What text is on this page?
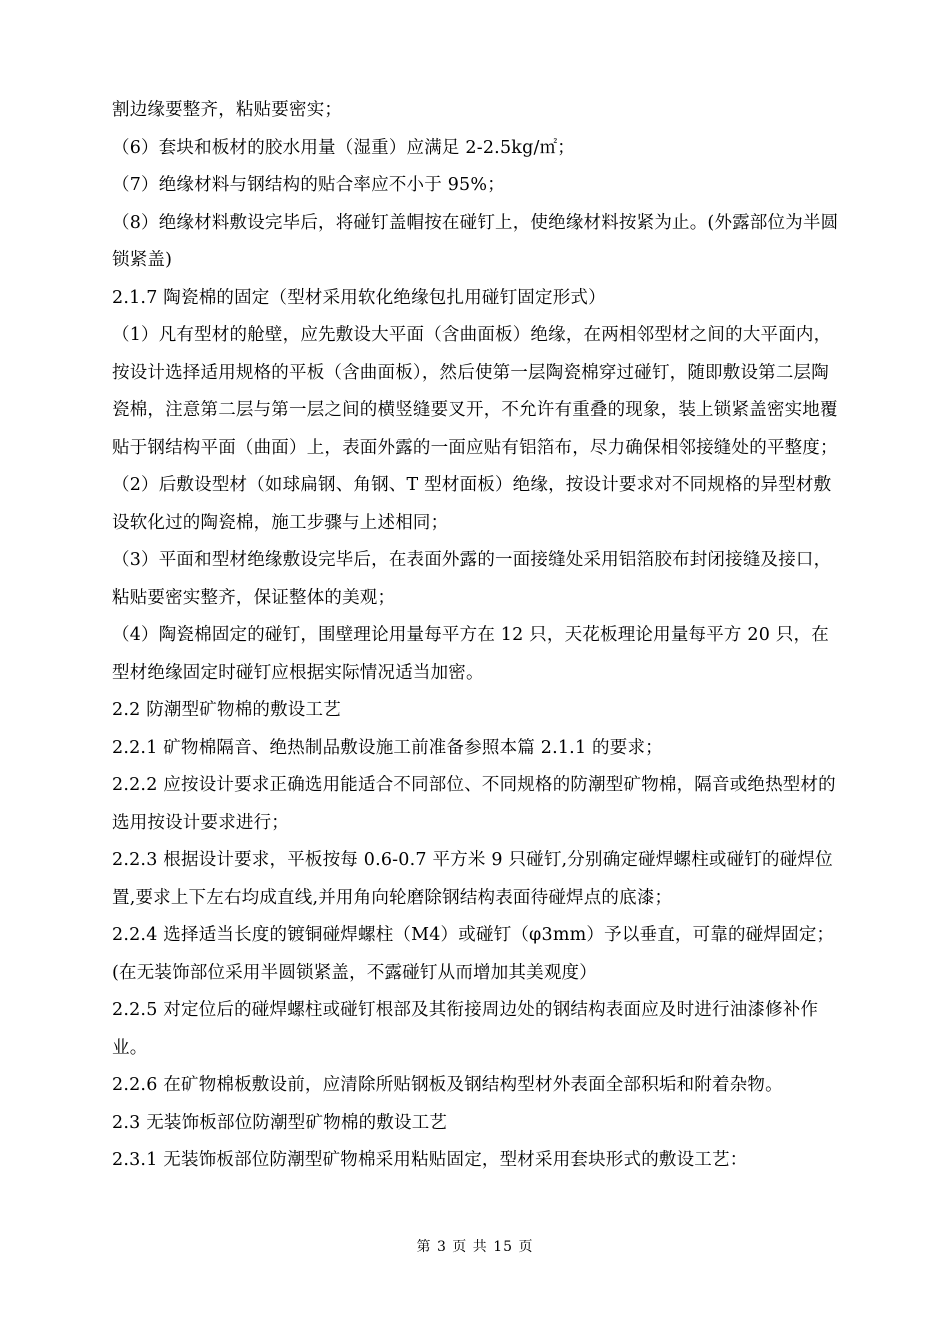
割边缘要整齐，粘贴要密实；

（6）套块和板材的胶水用量（湿重）应满足 2-2.5kg/㎡；

（7）绝缘材料与钢结构的贴合率应不小于 95%；

（8）绝缘材料敷设完毕后，将碰钉盖帽按在碰钉上，使绝缘材料按紧为止。(外露部位为半圆锁紧盖)

2.1.7 陶瓷棉的固定（型材采用软化绝缘包扎用碰钉固定形式）

（1）凡有型材的舱壁，应先敷设大平面（含曲面板）绝缘，在两相邻型材之间的大平面内，按设计选择适用规格的平板（含曲面板），然后使第一层陶瓷棉穿过碰钉，随即敷设第二层陶瓷棉，注意第二层与第一层之间的横竖缝要叉开，不允许有重叠的现象，装上锁紧盖密实地覆贴于钢结构平面（曲面）上，表面外露的一面应贴有铝箔布，尽力确保相邻接缝处的平整度；

（2）后敷设型材（如球扁钢、角钢、T 型材面板）绝缘，按设计要求对不同规格的异型材敷设软化过的陶瓷棉，施工步骤与上述相同；

（3）平面和型材绝缘敷设完毕后，在表面外露的一面接缝处采用铝箔胶布封闭接缝及接口，粘贴要密实整齐，保证整体的美观；

（4）陶瓷棉固定的碰钉，围壁理论用量每平方在 12 只，天花板理论用量每平方 20 只，在型材绝缘固定时碰钉应根据实际情况适当加密。

2.2 防潮型矿物棉的敷设工艺

2.2.1 矿物棉隔音、绝热制品敷设施工前准备参照本篇 2.1.1 的要求；

2.2.2 应按设计要求正确选用能适合不同部位、不同规格的防潮型矿物棉，隔音或绝热型材的选用按设计要求进行；

2.2.3 根据设计要求，平板按每 0.6-0.7 平方米 9 只碰钉,分别确定碰焊螺柱或碰钉的碰焊位置,要求上下左右均成直线,并用角向轮磨除钢结构表面待碰焊点的底漆；

2.2.4 选择适当长度的镀铜碰焊螺柱（M4）或碰钉（φ3mm）予以垂直，可靠的碰焊固定；(在无装饰部位采用半圆锁紧盖，不露碰钉从而增加其美观度）

2.2.5 对定位后的碰焊螺柱或碰钉根部及其衔接周边处的钢结构表面应及时进行油漆修补作业。

2.2.6 在矿物棉板敷设前，应清除所贴钢板及钢结构型材外表面全部积垢和附着杂物。

2.3 无装饰板部位防潮型矿物棉的敷设工艺

2.3.1 无装饰板部位防潮型矿物棉采用粘贴固定，型材采用套块形式的敷设工艺：

第 3 页 共 15 页
